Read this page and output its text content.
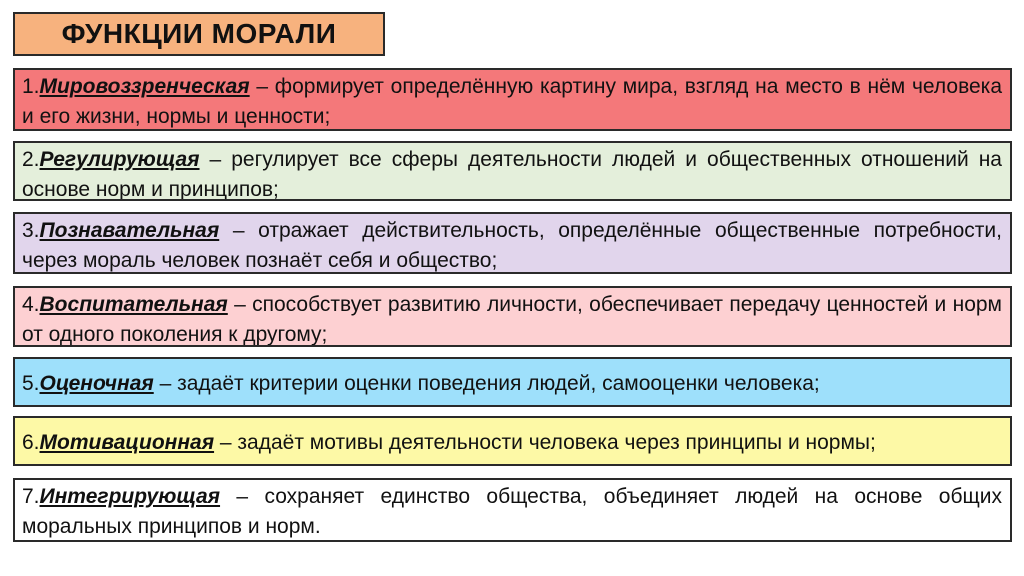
ФУНКЦИИ МОРАЛИ
1.Мировоззренческая – формирует определённую картину мира, взгляд на место в нём человека и его жизни, нормы и ценности;
2.Регулирующая – регулирует все сферы деятельности людей и общественных отношений на основе норм и принципов;
3.Познавательная – отражает действительность, определённые общественные потребности, через мораль человек познаёт себя и общество;
4.Воспитательная – способствует развитию личности, обеспечивает передачу ценностей и норм от одного поколения к другому;
5.Оценочная – задаёт критерии оценки поведения людей, самооценки человека;
6.Мотивационная – задаёт мотивы деятельности человека через принципы и нормы;
7.Интегрирующая – сохраняет единство общества, объединяет людей на основе общих моральных принципов и норм.
